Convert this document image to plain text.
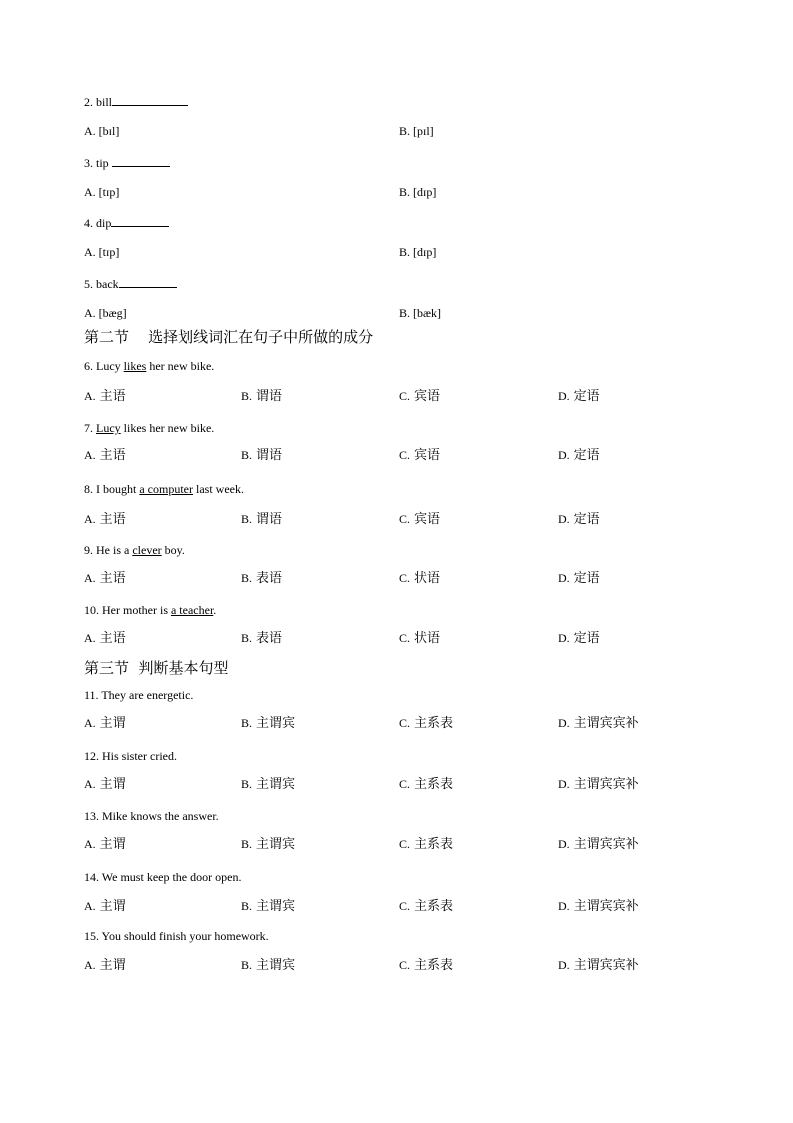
2. bill
A. [bɪl]	B. [pɪl]
3. tip
A. [tɪp]	B. [dɪp]
4. dip
A. [tɪp]	B. [dɪp]
5. back
A. [bæg]	B. [bæk]
第二节    选择划线词汇在句子中所做的成分
6. Lucy likes her new bike.
A. 主语	B. 谓语	C. 宾语	D. 定语
7. Lucy likes her new bike.
A. 主语	B. 谓语	C. 宾语	D. 定语
8. I bought a computer last week.
A. 主语	B. 谓语	C. 宾语	D. 定语
9. He is a clever boy.
A. 主语	B. 表语	C. 状语	D. 定语
10. Her mother is a teacher.
A. 主语	B. 表语	C. 状语	D. 定语
第三节  判断基本句型
11. They are energetic.
A. 主谓	B. 主谓宾	C. 主系表	D. 主谓宾宾补
12. His sister cried.
A. 主谓	B. 主谓宾	C. 主系表	D. 主谓宾宾补
13. Mike knows the answer.
A. 主谓	B. 主谓宾	C. 主系表	D. 主谓宾宾补
14. We must keep the door open.
A. 主谓	B. 主谓宾	C. 主系表	D. 主谓宾宾补
15. You should finish your homework.
A. 主谓	B. 主谓宾	C. 主系表	D. 主谓宾宾补
